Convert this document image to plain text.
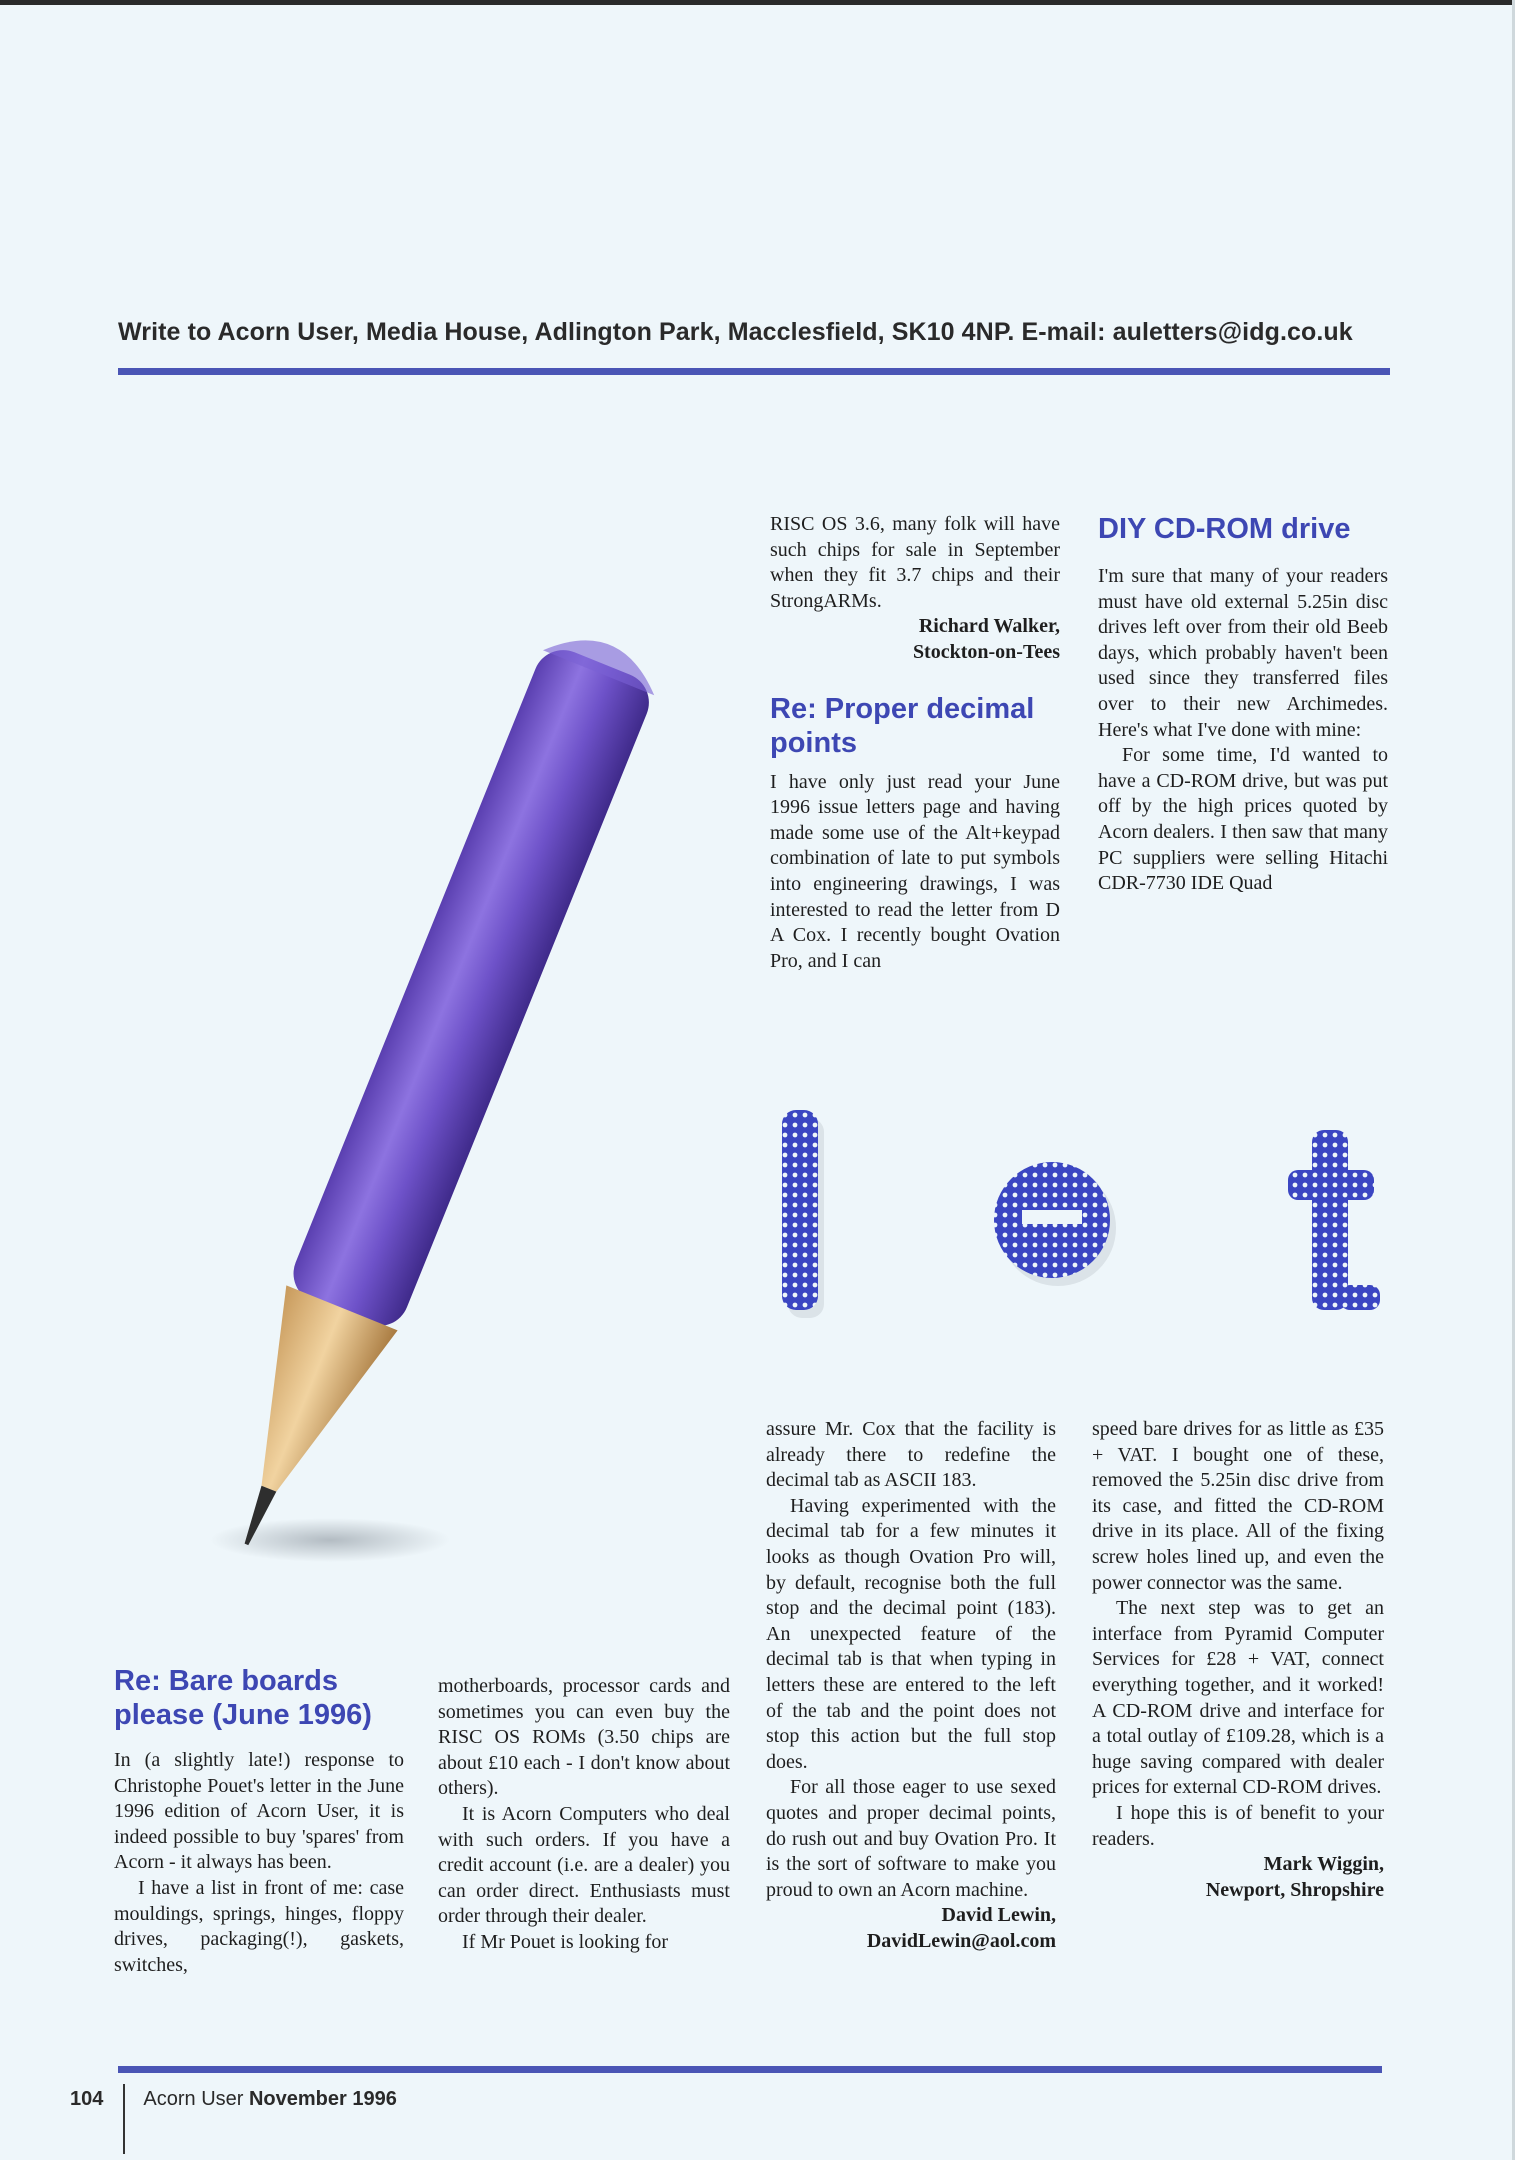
Write to Acorn User, Media House, Adlington Park, Macclesfield, SK10 4NP. E-mail: auletters@idg.co.uk

RISC OS 3.6, many folk will have such chips for sale in September when they fit 3.7 chips and their StrongARMs.

Richard Walker,
Stockton-on-Tees
Re: Proper decimal points

I have only just read your June 1996 issue letters page and having made some use of the Alt+keypad combination of late to put symbols into engineering drawings, I was interested to read the letter from D A Cox. I recently bought Ovation Pro, and I can

DIY CD-ROM drive

I'm sure that many of your readers must have old external 5.25in disc drives left over from their old Beeb days, which probably haven't been used since they transferred files over to their new Archimedes. Here's what I've done with mine:

For some time, I'd wanted to have a CD-ROM drive, but was put off by the high prices quoted by Acorn dealers. I then saw that many PC suppliers were selling Hitachi CDR-7730 IDE Quad

Re: Bare boards please (June 1996)

In (a slightly late!) response to Christophe Pouet's letter in the June 1996 edition of Acorn User, it is indeed possible to buy 'spares' from Acorn - it always has been.

I have a list in front of me: case mouldings, springs, hinges, floppy drives, packaging(!), gaskets, switches,

motherboards, processor cards and sometimes you can even buy the RISC OS ROMs (3.50 chips are about £10 each - I don't know about others).

It is Acorn Computers who deal with such orders. If you have a credit account (i.e. are a dealer) you can order direct. Enthusiasts must order through their dealer.

If Mr Pouet is looking for

assure Mr. Cox that the facility is already there to redefine the decimal tab as ASCII 183.

Having experimented with the decimal tab for a few minutes it looks as though Ovation Pro will, by default, recognise both the full stop and the decimal point (183). An unexpected feature of the decimal tab is that when typing in letters these are entered to the left of the tab and the point does not stop this action but the full stop does.

For all those eager to use sexed quotes and proper decimal points, do rush out and buy Ovation Pro. It is the sort of software to make you proud to own an Acorn machine.

David Lewin,
DavidLewin@aol.com

speed bare drives for as little as £35 + VAT. I bought one of these, removed the 5.25in disc drive from its case, and fitted the CD-ROM drive in its place. All of the fixing screw holes lined up, and even the power connector was the same.

The next step was to get an interface from Pyramid Computer Services for £28 + VAT, connect everything together, and it worked! A CD-ROM drive and interface for a total outlay of £109.28, which is a huge saving compared with dealer prices for external CD-ROM drives.

I hope this is of benefit to your readers.

Mark Wiggin,
Newport, Shropshire
104 Acorn User November 1996
